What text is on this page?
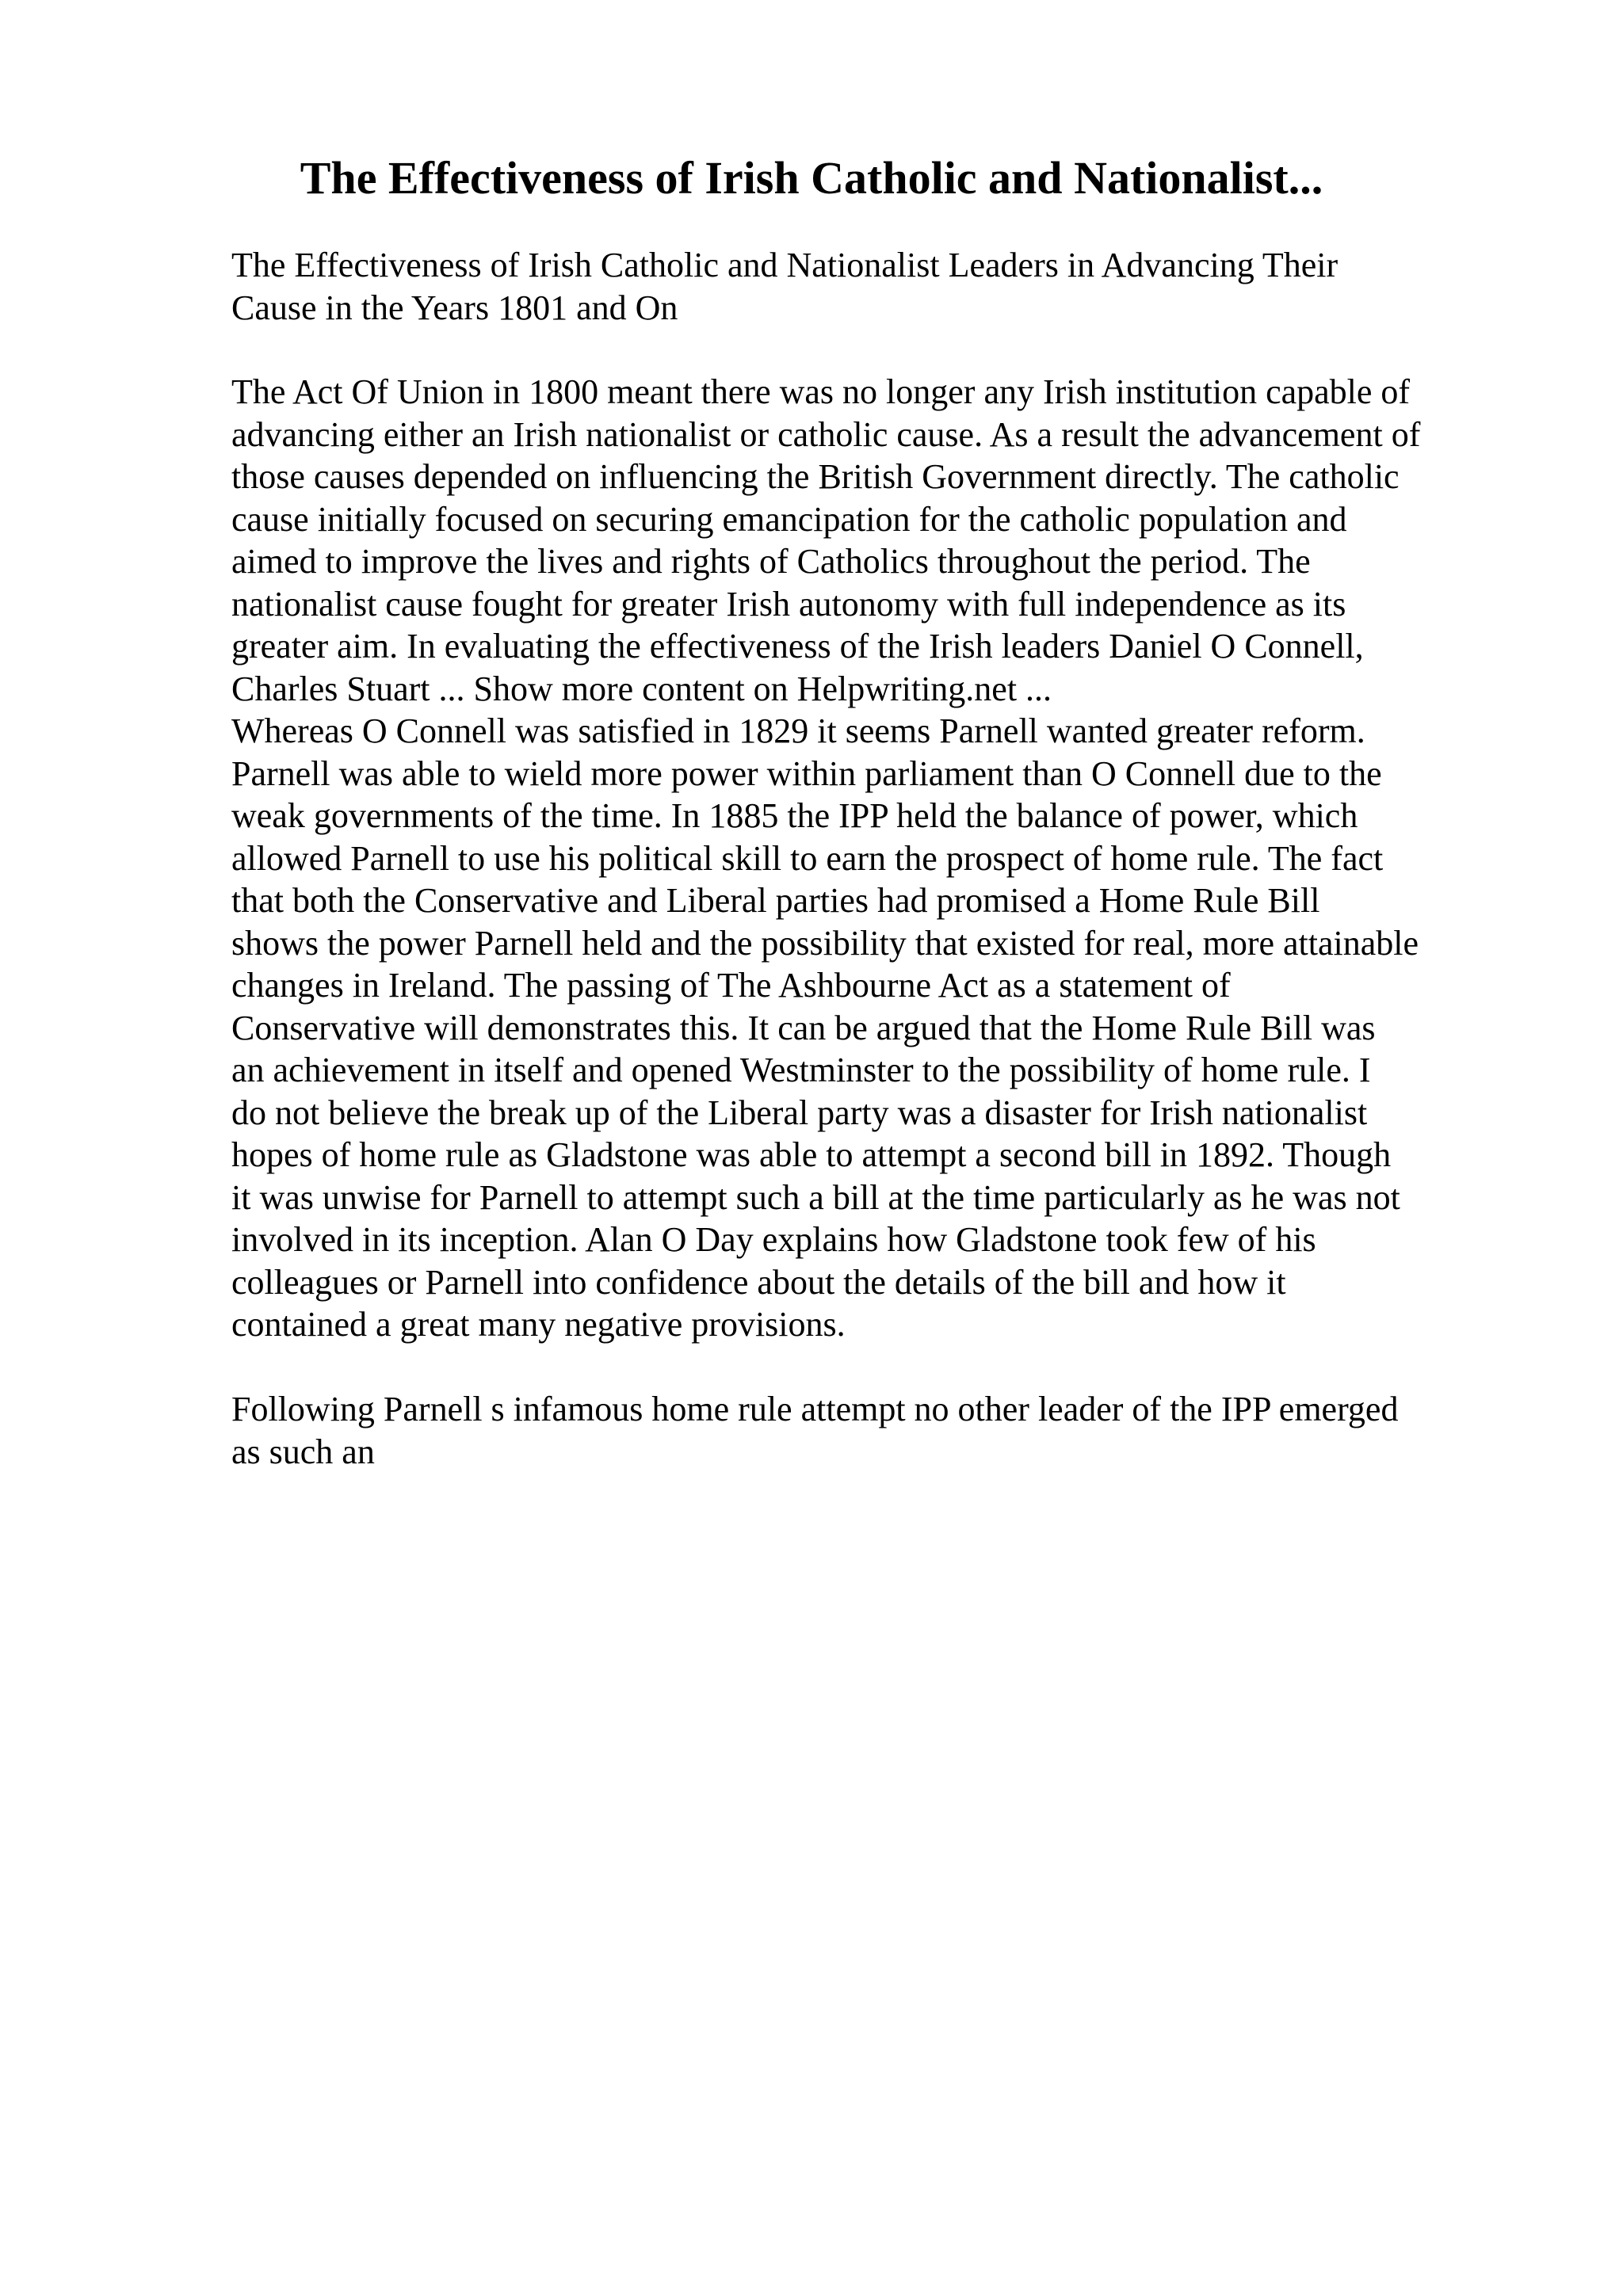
The Effectiveness of Irish Catholic and Nationalist...
The Effectiveness of Irish Catholic and Nationalist Leaders in Advancing Their
Cause in the Years 1801 and On
The Act Of Union in 1800 meant there was no longer any Irish institution capable of
advancing either an Irish nationalist or catholic cause. As a result the advancement of
those causes depended on influencing the British Government directly. The catholic
cause initially focused on securing emancipation for the catholic population and
aimed to improve the lives and rights of Catholics throughout the period. The
nationalist cause fought for greater Irish autonomy with full independence as its
greater aim. In evaluating the effectiveness of the Irish leaders Daniel O Connell,
Charles Stuart ... Show more content on Helpwriting.net ...
Whereas O Connell was satisfied in 1829 it seems Parnell wanted greater reform.
Parnell was able to wield more power within parliament than O Connell due to the
weak governments of the time. In 1885 the IPP held the balance of power, which
allowed Parnell to use his political skill to earn the prospect of home rule. The fact
that both the Conservative and Liberal parties had promised a Home Rule Bill
shows the power Parnell held and the possibility that existed for real, more attainable
changes in Ireland. The passing of The Ashbourne Act as a statement of
Conservative will demonstrates this. It can be argued that the Home Rule Bill was
an achievement in itself and opened Westminster to the possibility of home rule. I
do not believe the break up of the Liberal party was a disaster for Irish nationalist
hopes of home rule as Gladstone was able to attempt a second bill in 1892. Though
it was unwise for Parnell to attempt such a bill at the time particularly as he was not
involved in its inception. Alan O Day explains how Gladstone took few of his
colleagues or Parnell into confidence about the details of the bill and how it
contained a great many negative provisions.
Following Parnell s infamous home rule attempt no other leader of the IPP emerged
as such an
